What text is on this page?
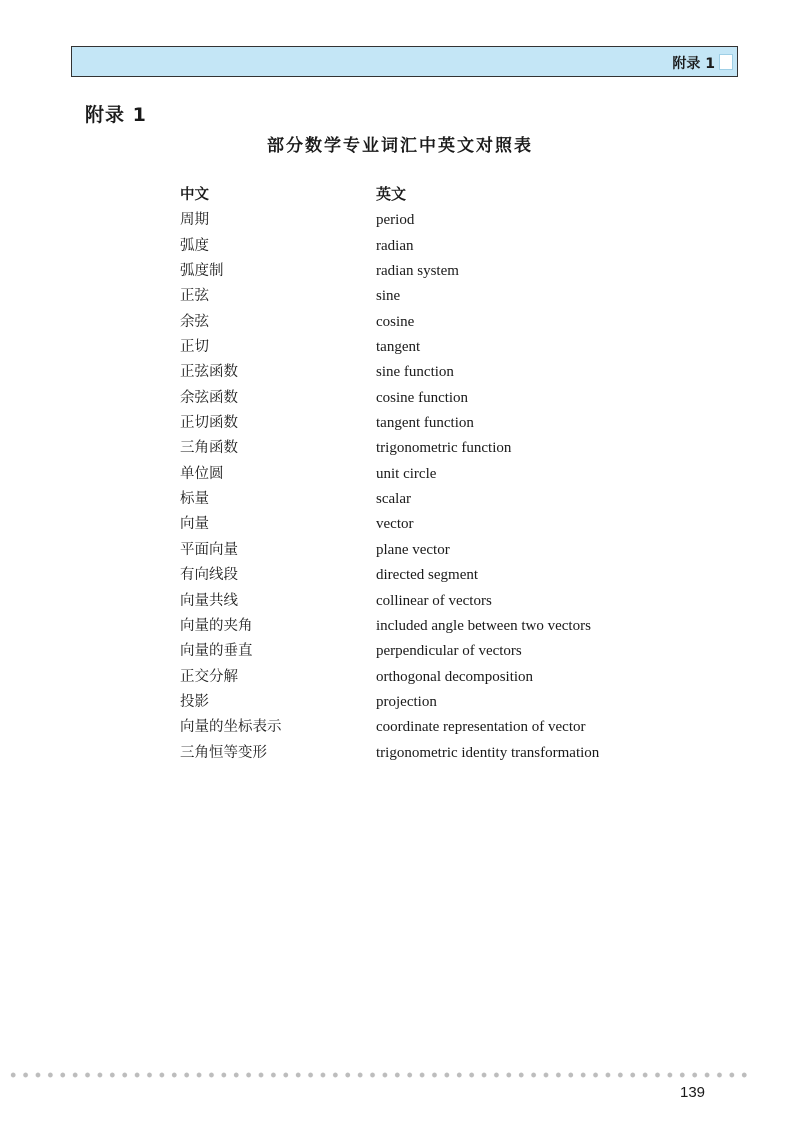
附录 1
附录 1
部分数学专业词汇中英文对照表
中文	英文
周期	period
弧度	radian
弧度制	radian system
正弦	sine
余弦	cosine
正切	tangent
正弦函数	sine function
余弦函数	cosine function
正切函数	tangent function
三角函数	trigonometric function
单位圆	unit circle
标量	scalar
向量	vector
平面向量	plane vector
有向线段	directed segment
向量共线	collinear of vectors
向量的夹角	included angle between two vectors
向量的垂直	perpendicular of vectors
正交分解	orthogonal decomposition
投影	projection
向量的坐标表示	coordinate representation of vector
三角恒等变形	trigonometric identity transformation
139
